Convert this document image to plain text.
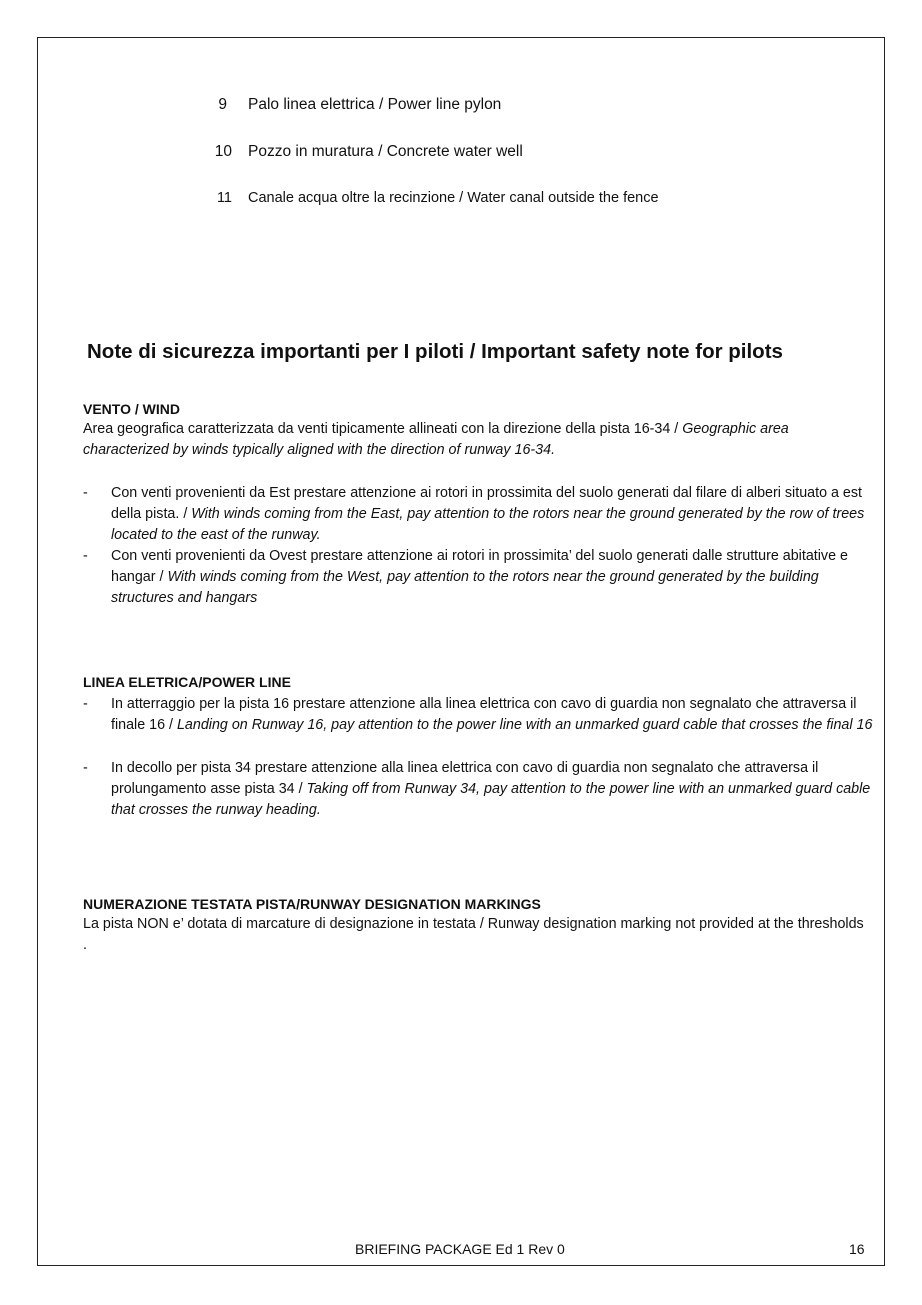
9 Palo linea elettrica / Power line pylon
10 Pozzo in muratura / Concrete water well
11 Canale acqua oltre la recinzione / Water canal outside the fence
Note di sicurezza importanti per I piloti / Important safety note for pilots
VENTO / WIND

Area geografica caratterizzata da venti tipicamente allineati con la direzione della pista 16-34 / Geographic area characterized by winds typically aligned with the direction of runway 16-34.

- Con venti provenienti da Est prestare attenzione ai rotori in prossimita del suolo generati dal filare di alberi situato a est della pista. / With winds coming from the East, pay attention to the rotors near the ground generated by the row of trees located to the east of the runway.
- Con venti provenienti da Ovest prestare attenzione ai rotori in prossimita’ del suolo generati dalle strutture abitative e hangar / With winds coming from the West, pay attention to the rotors near the ground generated by the building structures and hangars
LINEA ELETRICA/POWER LINE
- In atterraggio per la pista 16 prestare attenzione alla linea elettrica con cavo di guardia non segnalato che attraversa il finale 16 / Landing on Runway 16, pay attention to the power line with an unmarked guard cable that crosses the final 16
- In decollo per pista 34 prestare attenzione alla linea elettrica con cavo di guardia non segnalato che attraversa il prolungamento asse pista 34 / Taking off from Runway 34, pay attention to the power line with an unmarked guard cable that crosses the runway heading.
NUMERAZIONE TESTATA PISTA/RUNWAY DESIGNATION MARKINGS

La pista NON e’ dotata di marcature di designazione in testata / Runway designation marking not provided at the thresholds .

BRIEFING PACKAGE Ed 1 Rev 0	16
